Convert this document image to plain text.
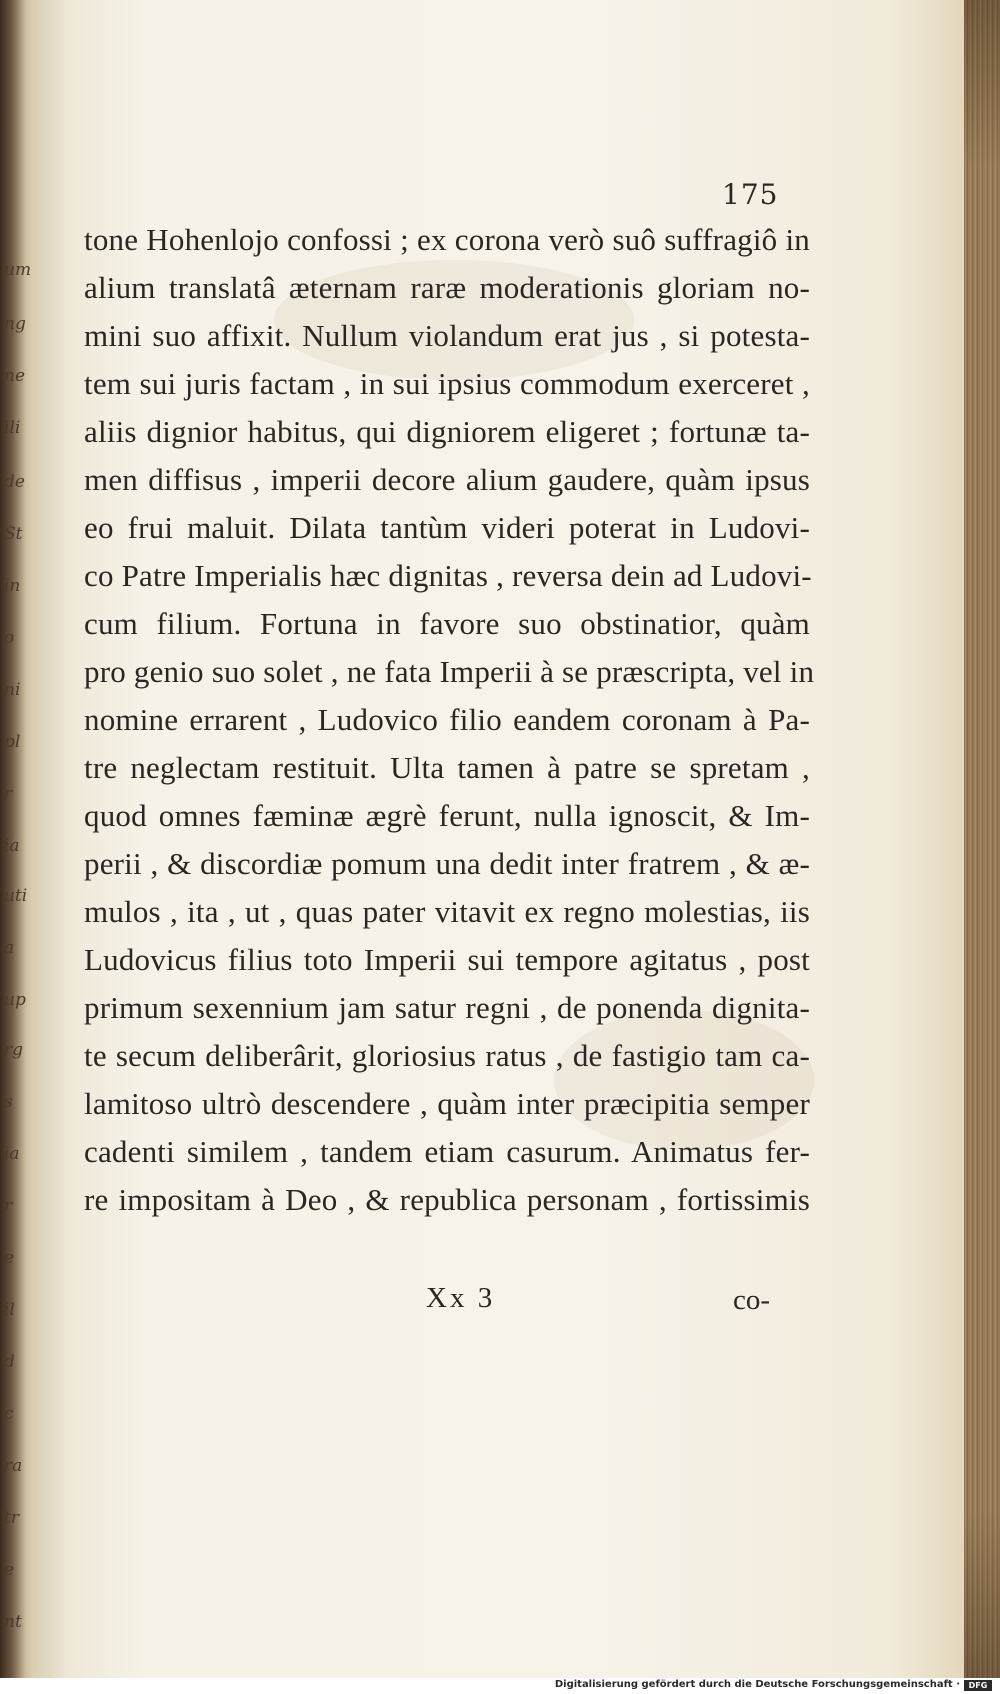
um
ng
ne
ili
de
St
in
o
ni
pl
r
ia
uti
a
up
rg
s
ia
r
e
il
d
c
ra
tr
e
nt
175
tone Hohenlojo confossi ; ex corona verò suô suffragiô in
alium translatâ æternam raræ moderationis gloriam no-
mini suo affixit. Nullum violandum erat jus , si potesta-
tem sui juris factam , in sui ipsius commodum exerceret ,
aliis dignior habitus, qui digniorem eligeret ; fortunæ ta-
men diffisus , imperii decore alium gaudere, quàm ipsus
eo frui maluit. Dilata tantùm videri poterat in Ludovi-
co Patre Imperialis hæc dignitas , reversa dein ad Ludovi-
cum filium. Fortuna in favore suo obstinatior, quàm
pro genio suo solet , ne fata Imperii à se præscripta, vel in
nomine errarent , Ludovico filio eandem coronam à Pa-
tre neglectam restituit. Ulta tamen à patre se spretam ,
quod omnes fæminæ ægrè ferunt, nulla ignoscit, & Im-
perii , & discordiæ pomum una dedit inter fratrem , & æ-
mulos , ita , ut , quas pater vitavit ex regno molestias, iis
Ludovicus filius toto Imperii sui tempore agitatus , post
primum sexennium jam satur regni , de ponenda dignita-
te secum deliberârit, gloriosius ratus , de fastigio tam ca-
lamitoso ultrò descendere , quàm inter præcipitia semper
cadenti similem , tandem etiam casurum. Animatus fer-
re impositam à Deo , & republica personam , fortissimis
Xx 3	co-
Digitalisierung gefördert durch die Deutsche Forschungsgemeinschaft ·	DFG
